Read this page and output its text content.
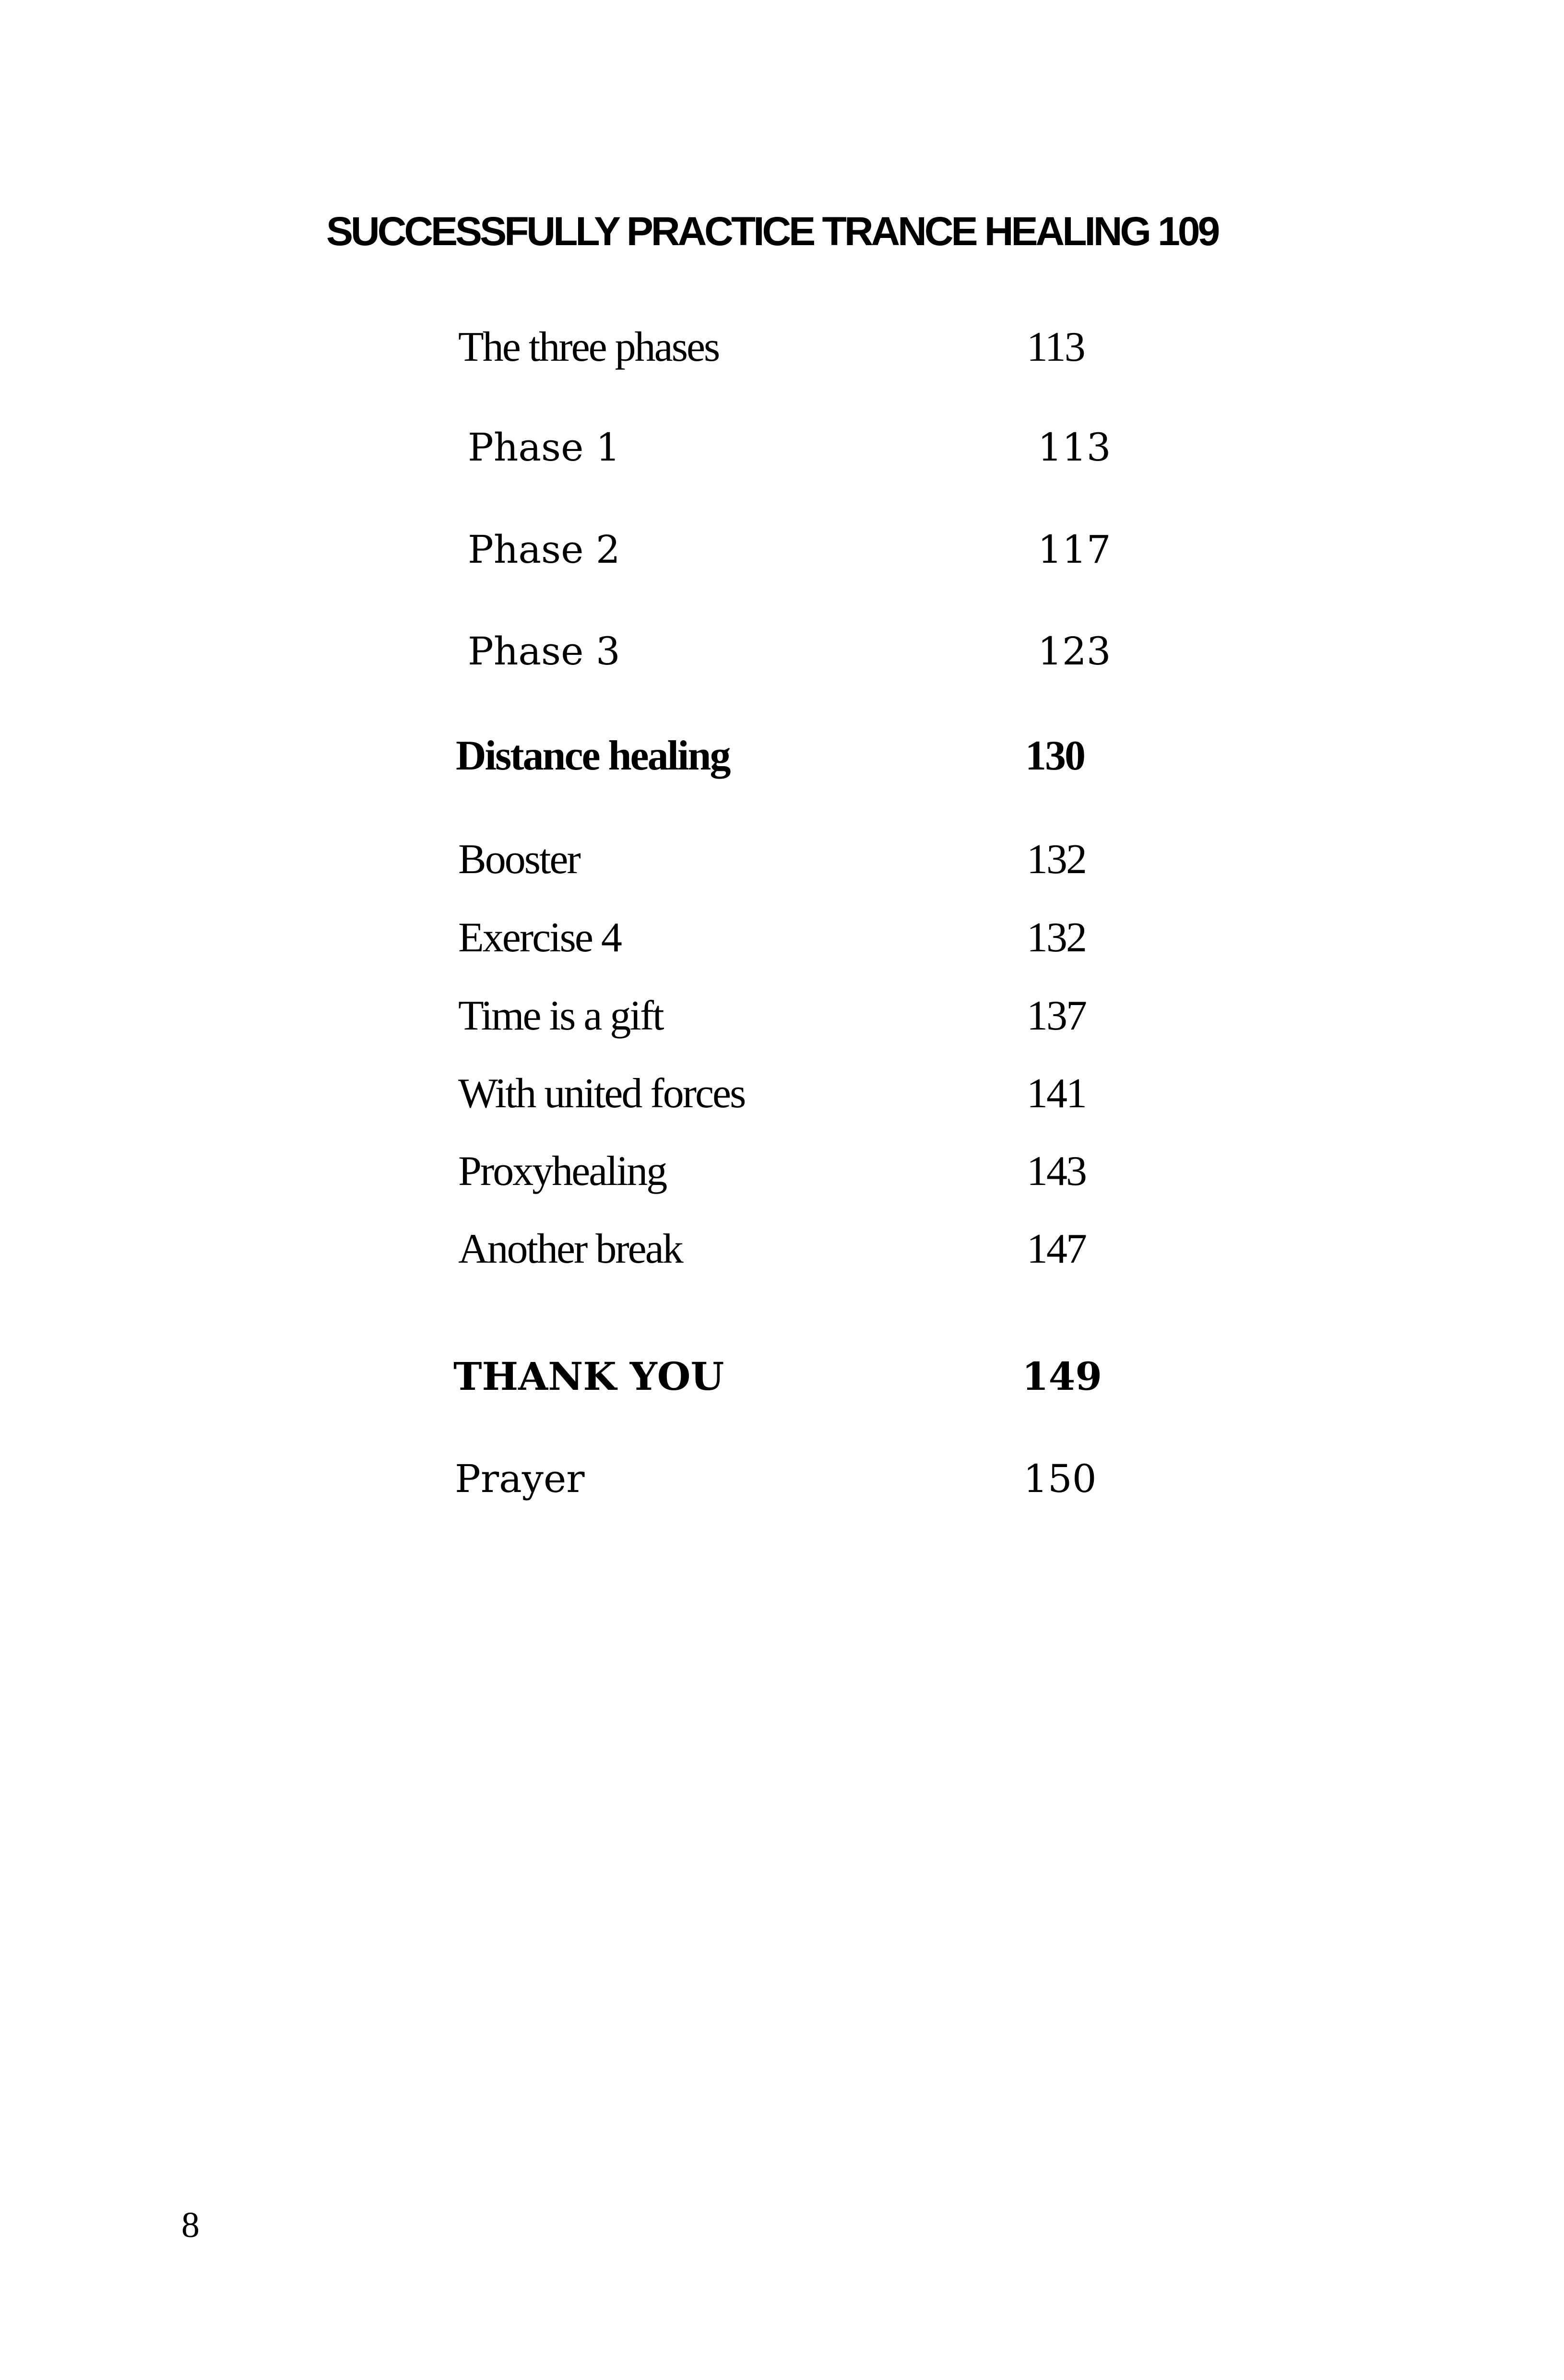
SUCCESSFULLY PRACTICE TRANCE HEALING 109
The three phases	113
Phase 1	113
Phase 2	117
Phase 3	123
Distance healing	130
Booster	132
Exercise 4	132
Time is a gift	137
With united forces	141
Proxyhealing	143
Another break	147
THANK YOU	149
Prayer	150
8
